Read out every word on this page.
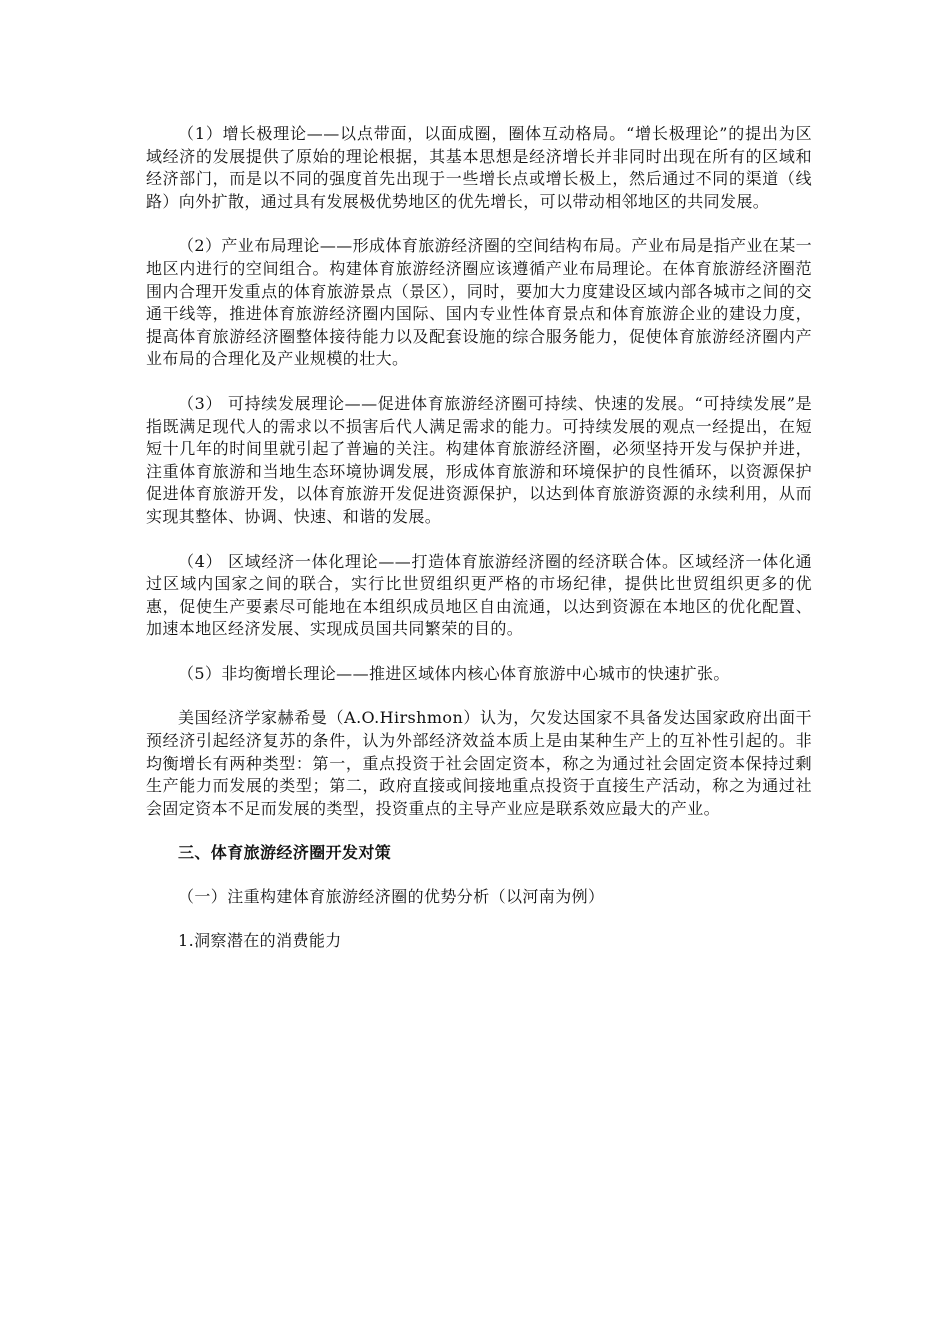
（1）增长极理论——以点带面，以面成圈，圈体互动格局。“增长极理论”的提出为区域经济的发展提供了原始的理论根据，其基本思想是经济增长并非同时出现在所有的区域和经济部门，而是以不同的强度首先出现于一些增长点或增长极上，然后通过不同的渠道（线路）向外扩散，通过具有发展极优势地区的优先增长，可以带动相邻地区的共同发展。

（2）产业布局理论——形成体育旅游经济圈的空间结构布局。产业布局是指产业在某一地区内进行的空间组合。构建体育旅游经济圈应该遵循产业布局理论。在体育旅游经济圈范围内合理开发重点的体育旅游景点（景区），同时，要加大力度建设区域内部各城市之间的交通干线等，推进体育旅游经济圈内国际、国内专业性体育景点和体育旅游企业的建设力度，提高体育旅游经济圈整体接待能力以及配套设施的综合服务能力，促使体育旅游经济圈内产业布局的合理化及产业规模的壮大。

（3） 可持续发展理论——促进体育旅游经济圈可持续、快速的发展。“可持续发展”是指既满足现代人的需求以不损害后代人满足需求的能力。可持续发展的观点一经提出，在短短十几年的时间里就引起了普遍的关注。构建体育旅游经济圈，必须坚持开发与保护并进，注重体育旅游和当地生态环境协调发展，形成体育旅游和环境保护的良性循环，以资源保护促进体育旅游开发，以体育旅游开发促进资源保护，以达到体育旅游资源的永续利用，从而实现其整体、协调、快速、和谐的发展。

（4） 区域经济一体化理论——打造体育旅游经济圈的经济联合体。区域经济一体化通过区域内国家之间的联合，实行比世贸组织更严格的市场纪律，提供比世贸组织更多的优惠，促使生产要素尽可能地在本组织成员地区自由流通，以达到资源在本地区的优化配置、加速本地区经济发展、实现成员国共同繁荣的目的。

（5）非均衡增长理论——推进区域体内核心体育旅游中心城市的快速扩张。

美国经济学家赫希曼（A.O.Hirshmon）认为，欠发达国家不具备发达国家政府出面干预经济引起经济复苏的条件，认为外部经济效益本质上是由某种生产上的互补性引起的。非均衡增长有两种类型：第一，重点投资于社会固定资本，称之为通过社会固定资本保持过剩生产能力而发展的类型；第二，政府直接或间接地重点投资于直接生产活动，称之为通过社会固定资本不足而发展的类型，投资重点的主导产业应是联系效应最大的产业。

三、体育旅游经济圈开发对策

（一）注重构建体育旅游经济圈的优势分析（以河南为例）

1.洞察潜在的消费能力
